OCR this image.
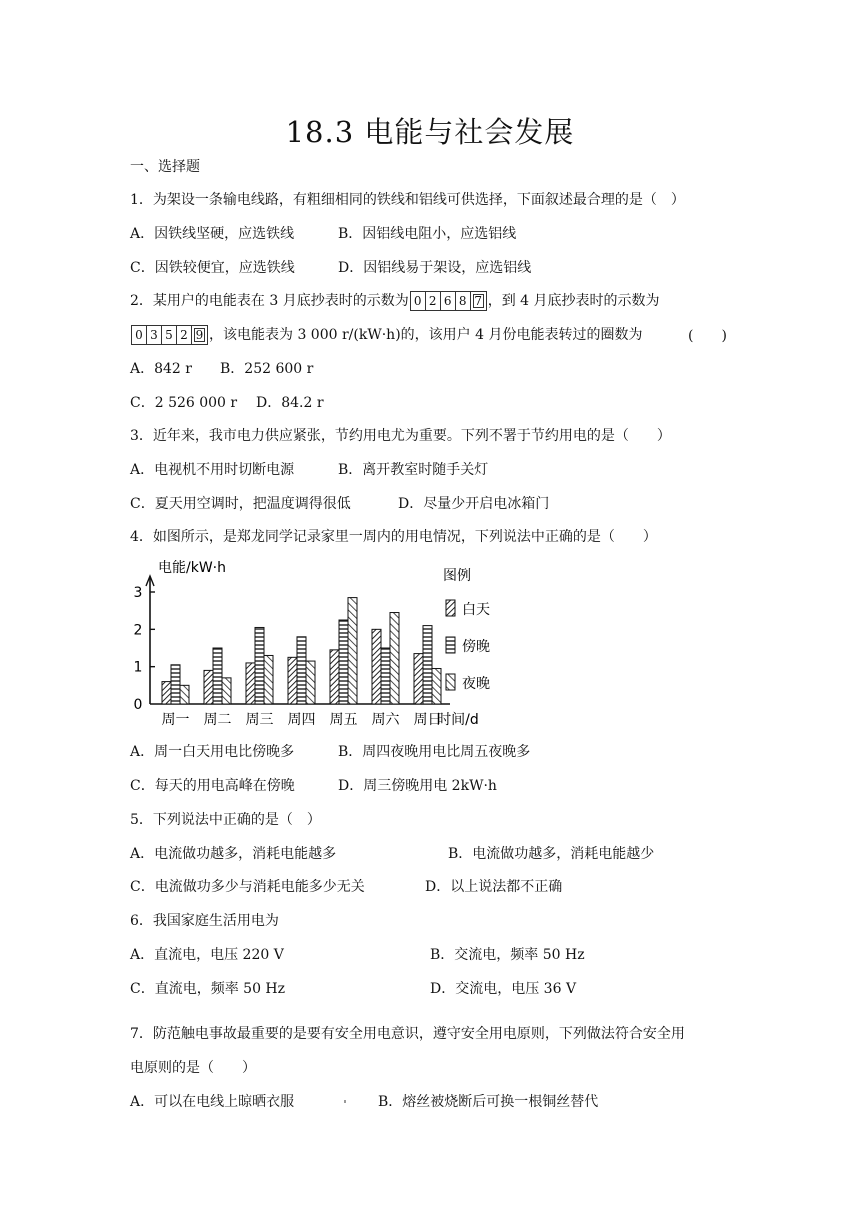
18.3 电能与社会发展
一、选择题
1．为架设一条输电线路，有粗细相同的铁线和铝线可供选择，下面叙述最合理的是（　）
A．因铁线坚硬，应选铁线	B．因铝线电阻小，应选铝线
C．因铁较便宜，应选铁线	D．因铝线易于架设，应选铝线
2．某用户的电能表在 3 月底抄表时的示数为 0 2 6 8 7 ，到 4 月底抄表时的示数为
0 3 5 2 9 ，该电能表为 3 000 r/(kW·h)的，该用户 4 月份电能表转过的圈数为	(　　)
A．842 r B．252 600 r
C．2 526 000 r D．84.2 r
3．近年来，我市电力供应紧张，节约用电尤为重要。下列不署于节约用电的是（　　）
A．电视机不用时切断电源	B．离开教室时随手关灯
C．夏天用空调时，把温度调得很低	D．尽量少开启电冰箱门
4．如图所示，是郑龙同学记录家里一周内的用电情况，下列说法中正确的是（　　）
0
1
2
3
电能/kW·h
时间/d
周一 周二 周三 周四 周五 周六 周日
图例
白天
傍晚
夜晚
A．周一白天用电比傍晚多	B．周四夜晚用电比周五夜晚多
C．每天的用电高峰在傍晚	D．周三傍晚用电 2kW·h
5．下列说法中正确的是（　）
A．电流做功越多，消耗电能越多	B．电流做功越多，消耗电能越少
C．电流做功多少与消耗电能多少无关	D．以上说法都不正确
6．我国家庭生活用电为
A．直流电，电压 220 V	B．交流电，频率 50 Hz
C．直流电，频率 50 Hz	D．交流电，电压 36 V
7．防范触电事故最重要的是要有安全用电意识，遵守安全用电原则，下列做法符合安全用
电原则的是（　　）
A．可以在电线上晾晒衣服	B．熔丝被烧断后可换一根铜丝替代
